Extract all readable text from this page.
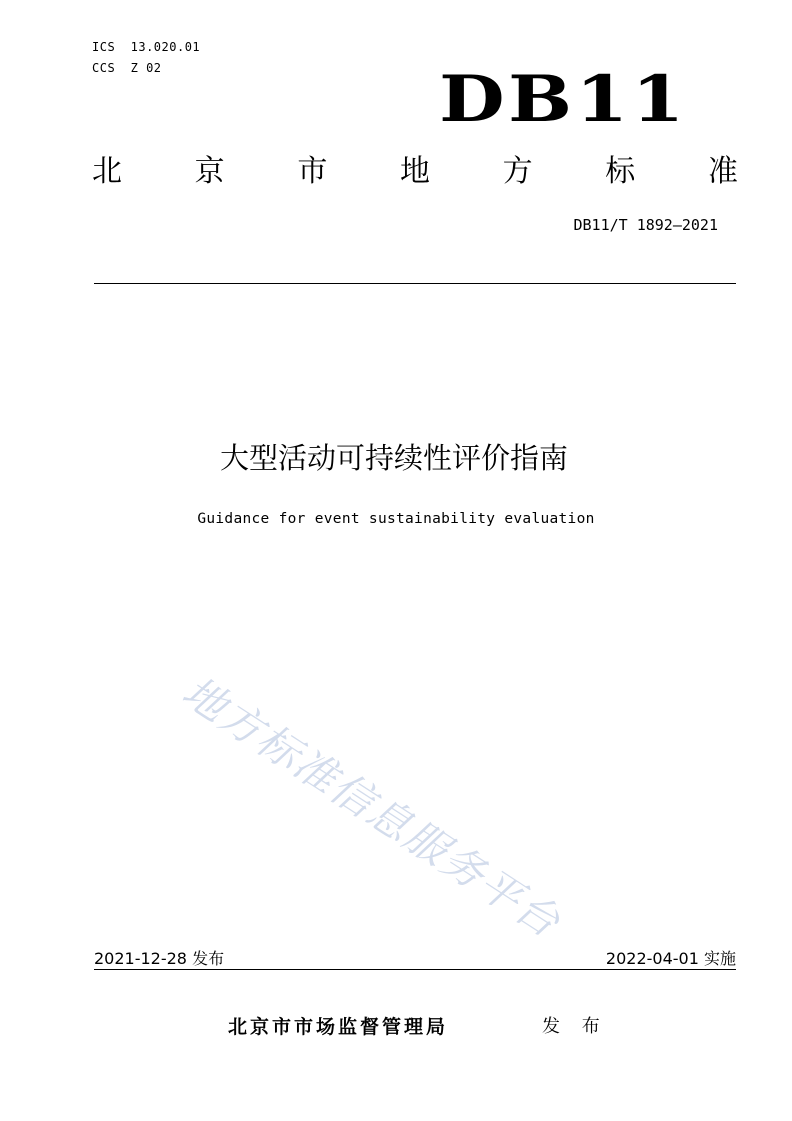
ICS  13.020.01
CCS  Z 02	DB11
北 京 市 地 方 标 准
DB11/T 1892—2021
大型活动可持续性评价指南
Guidance for event sustainability evaluation
地方标准信息服务平台
2021-12-28 发布	2022-04-01 实施
北京市市场监督管理局	发 布
